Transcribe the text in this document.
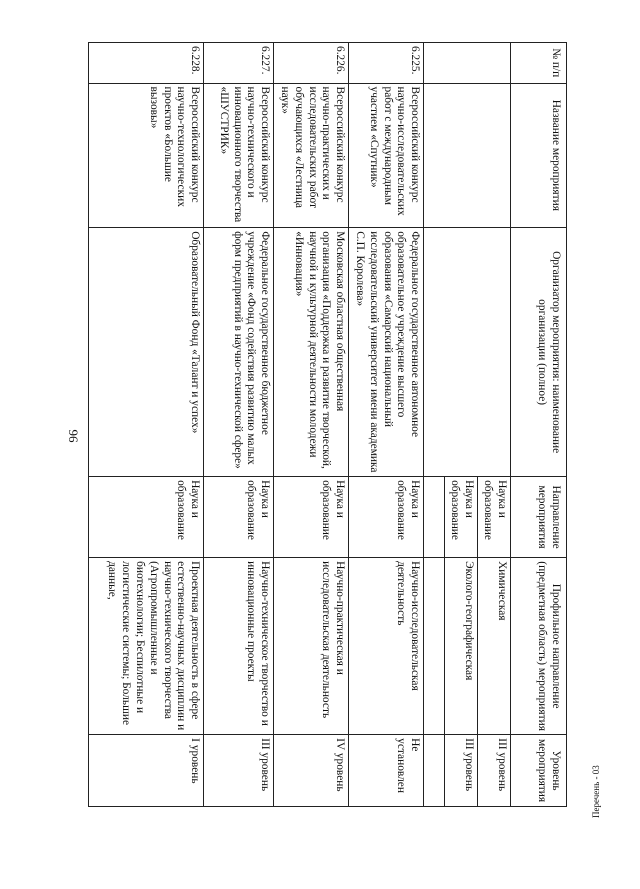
96
№ п/п	Название мероприятия	Организатор мероприятия: наименование организации (полное)	Направление мероприятия	Профильное направление (предметная область) мероприятия	Уровень мероприятия
			Наука и образование	Химическая	III уровень
			Наука и образование	Эколого-географическая	III уровень

6.225.	Всероссийский конкурс научно-исследовательских работ с международным участием «Спутник»	Федеральное государственное автономное образовательное учреждение высшего образования «Самарский национальный исследовательский университет имени академика С.П. Королева»	Наука и образование	Научно-исследовательская деятельность	Не установлен
6.226.	Всероссийский конкурс научно-практических и исследовательских работ обучающихся «Лестница наук»	Московская областная общественная организация «Поддержка и развитие творческой, научной и культурной деятельности молодежи «Инновация»	Наука и образование	Научно-практическая и исследовательская деятельность	IV уровень
6.227.	Всероссийский конкурс научно-технического и инновационного творчества «ШУСТРИК»	Федеральное государственное бюджетное учреждение «Фонд содействия развитию малых форм предприятий в научно-технической сфере»	Наука и образование	Научно-техническое творчество и инновационные проекты	III уровень
6.228.	Всероссийский конкурс научно-технологических проектов «Большие вызовы»	Образовательный Фонд «Талант и успех»	Наука и образование	Проектная деятельность в сфере естественно-научных дисциплин и научно-технического творчества (Агропромышленные и биотехнологии; Беспилотные и логистические системы; Большие данные,	I уровень
Перечень - 03
